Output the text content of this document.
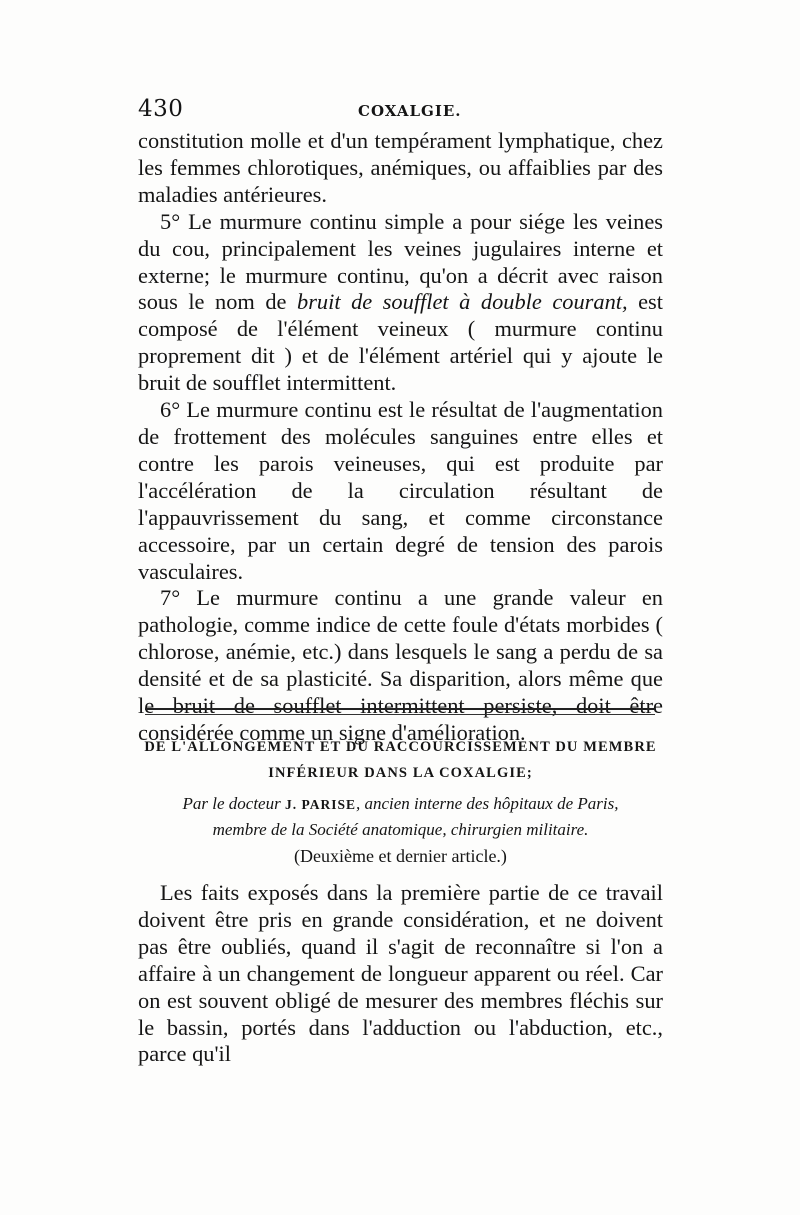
430	COXALGIE.

constitution molle et d'un tempérament lymphatique, chez les femmes chlorotiques, anémiques, ou affaiblies par des maladies antérieures.

5° Le murmure continu simple a pour siége les veines du cou, principalement les veines jugulaires interne et externe; le murmure continu, qu'on a décrit avec raison sous le nom de bruit de soufflet à double courant, est composé de l'élément veineux ( murmure continu proprement dit ) et de l'élément artériel qui y ajoute le bruit de soufflet intermittent.

6° Le murmure continu est le résultat de l'augmentation de frottement des molécules sanguines entre elles et contre les parois veineuses, qui est produite par l'accélération de la circulation résultant de l'appauvrissement du sang, et comme circonstance accessoire, par un certain degré de tension des parois vasculaires.

7° Le murmure continu a une grande valeur en pathologie, comme indice de cette foule d'états morbides ( chlorose, anémie, etc.) dans lesquels le sang a perdu de sa densité et de sa plasticité. Sa disparition, alors même que le bruit de soufflet intermittent persiste, doit être considérée comme un signe d'amélioration.

DE L'ALLONGEMENT ET DU RACCOURCISSEMENT DU MEMBRE
INFÉRIEUR DANS LA COXALGIE;
Par le docteur J. PARISE, ancien interne des hôpitaux de Paris,
membre de la Société anatomique, chirurgien militaire.
(Deuxième et dernier article.)

Les faits exposés dans la première partie de ce travail doivent être pris en grande considération, et ne doivent pas être oubliés, quand il s'agit de reconnaître si l'on a affaire à un changement de longueur apparent ou réel. Car on est souvent obligé de mesurer des membres fléchis sur le bassin, portés dans l'adduction ou l'abduction, etc., parce qu'il
